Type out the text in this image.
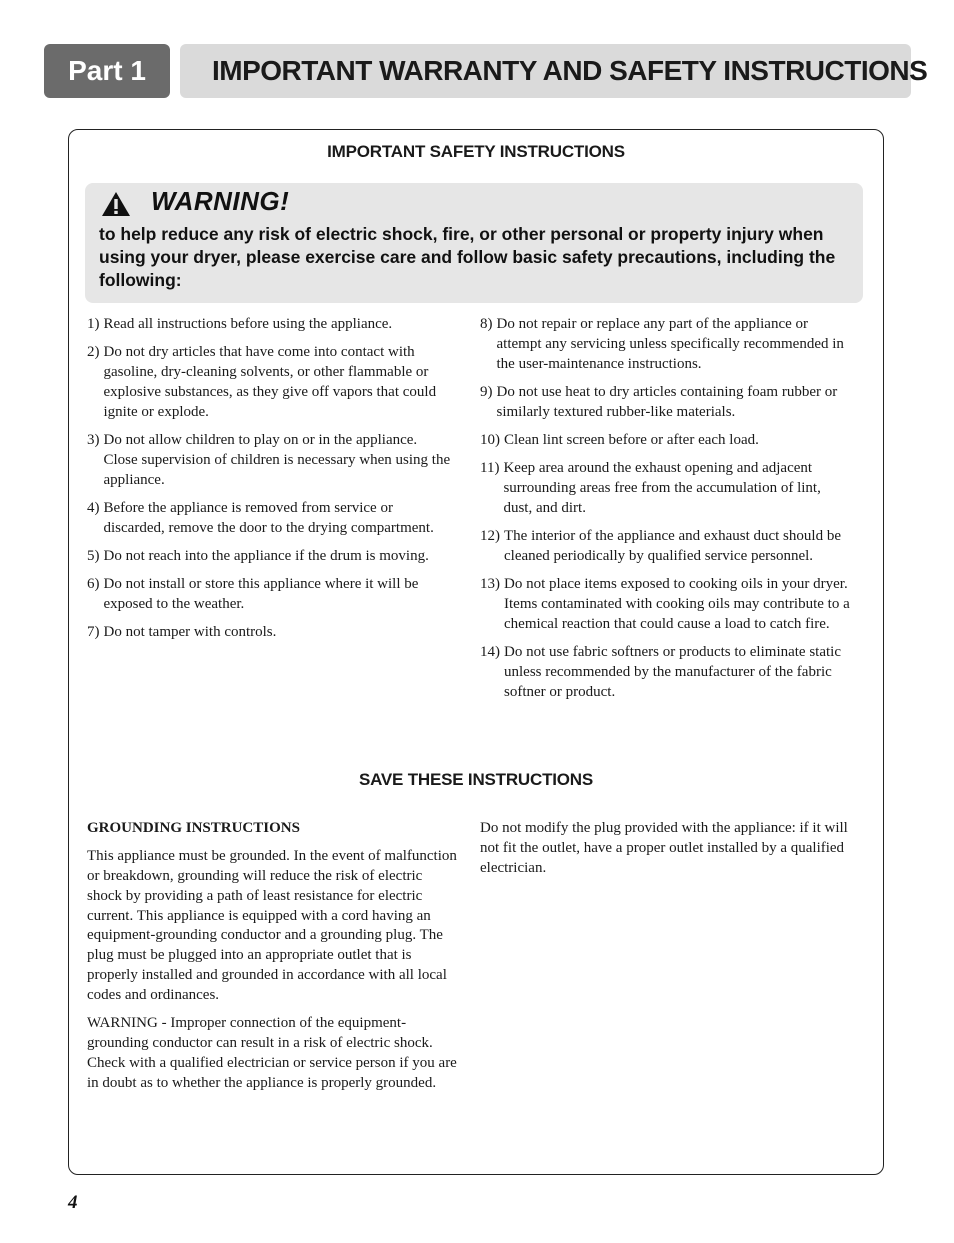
Part 1	IMPORTANT WARRANTY AND SAFETY INSTRUCTIONS
IMPORTANT SAFETY INSTRUCTIONS
WARNING!
to help reduce any risk of electric shock, fire, or other personal or property injury when using your dryer, please exercise care and follow basic safety precautions, including the following:
1) Read all instructions before using the appliance.
2) Do not dry articles that have come into contact with gasoline, dry-cleaning solvents, or other flammable or explosive substances, as they give off vapors that could ignite or explode.
3) Do not allow children to play on or in the appliance. Close supervision of children is necessary when using the appliance.
4) Before the appliance is removed from service or discarded, remove the door to the drying compartment.
5) Do not reach into the appliance if the drum is moving.
6) Do not install or store this appliance where it will be exposed to the weather.
7) Do not tamper with controls.
8) Do not repair or replace any part of the appliance or attempt any servicing unless specifically recommended in the user-maintenance instructions.
9) Do not use heat to dry articles containing foam rubber or similarly textured rubber-like materials.
10) Clean lint screen before or after each load.
11) Keep area around the exhaust opening and adjacent surrounding areas free from the accumulation of lint, dust, and dirt.
12) The interior of the appliance and exhaust duct should be cleaned periodically by qualified service personnel.
13) Do not place items exposed to cooking oils in your dryer. Items contaminated with cooking oils may contribute to a chemical reaction that could cause a load to catch fire.
14) Do not use fabric softners or products to eliminate static unless recommended by the manufacturer of the fabric softner or product.
SAVE THESE INSTRUCTIONS

GROUNDING INSTRUCTIONS

This appliance must be grounded. In the event of malfunction or breakdown, grounding will reduce the risk of electric shock by providing a path of least resistance for electric current. This appliance is equipped with a cord having an equipment-grounding conductor and a grounding plug. The plug must be plugged into an appropriate outlet that is properly installed and grounded in accordance with all local codes and ordinances.

WARNING - Improper connection of the equipment-grounding conductor can result in a risk of electric shock. Check with a qualified electrician or service person if you are in doubt as to whether the appliance is properly grounded.

Do not modify the plug provided with the appliance: if it will not fit the outlet, have a proper outlet installed by a qualified electrician.

4
